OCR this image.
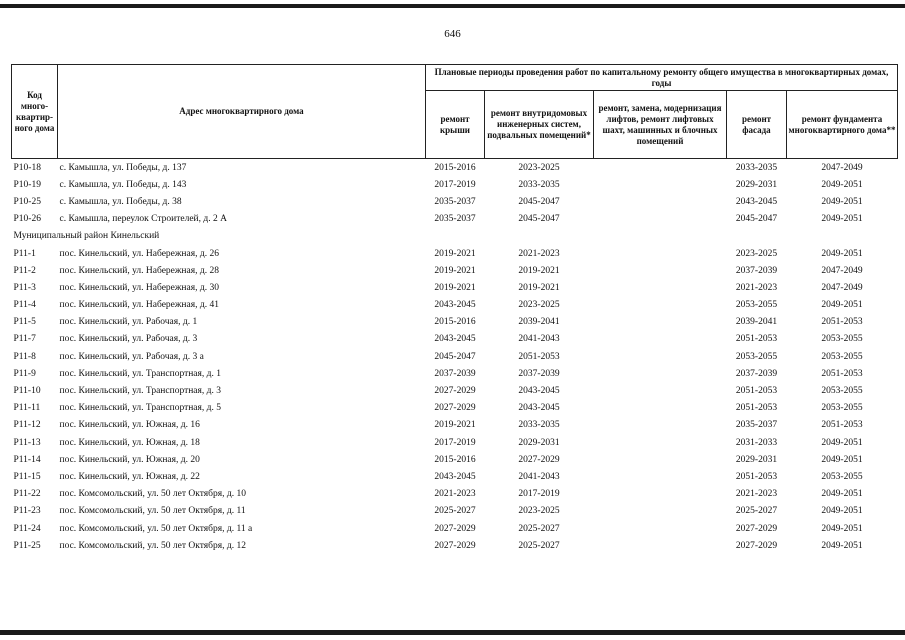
646
Код много-квартир-ного дома	Адрес многоквартирного дома	Плановые периоды проведения работ по капитальному ремонту общего имущества в многоквартирных домах, годы				
		ремонт крыши	ремонт внутридомовых инженерных систем, подвальных помещений*	ремонт, замена, модернизация лифтов, ремонт лифтовых шахт, машинных и блочных помещений	ремонт фасада	ремонт фундамента многоквартирного дома**
Р10-18	с. Камышла, ул. Победы, д. 137	2015-2016	2023-2025		2033-2035	2047-2049
Р10-19	с. Камышла, ул. Победы, д. 143	2017-2019	2033-2035		2029-2031	2049-2051
Р10-25	с. Камышла, ул. Победы, д. 38	2035-2037	2045-2047		2043-2045	2049-2051
Р10-26	с. Камышла, переулок Строителей, д. 2 А	2035-2037	2045-2047		2045-2047	2049-2051
Муниципальный район Кинельский						
Р11-1	пос. Кинельский, ул. Набережная, д. 26	2019-2021	2021-2023		2023-2025	2049-2051
Р11-2	пос. Кинельский, ул. Набережная, д. 28	2019-2021	2019-2021		2037-2039	2047-2049
Р11-3	пос. Кинельский, ул. Набережная, д. 30	2019-2021	2019-2021		2021-2023	2047-2049
Р11-4	пос. Кинельский, ул. Набережная, д. 41	2043-2045	2023-2025		2053-2055	2049-2051
Р11-5	пос. Кинельский, ул. Рабочая, д. 1	2015-2016	2039-2041		2039-2041	2051-2053
Р11-7	пос. Кинельский, ул. Рабочая, д. 3	2043-2045	2041-2043		2051-2053	2053-2055
Р11-8	пос. Кинельский, ул. Рабочая, д. 3 а	2045-2047	2051-2053		2053-2055	2053-2055
Р11-9	пос. Кинельский, ул. Транспортная, д. 1	2037-2039	2037-2039		2037-2039	2051-2053
Р11-10	пос. Кинельский, ул. Транспортная, д. 3	2027-2029	2043-2045		2051-2053	2053-2055
Р11-11	пос. Кинельский, ул. Транспортная, д. 5	2027-2029	2043-2045		2051-2053	2053-2055
Р11-12	пос. Кинельский, ул. Южная, д. 16	2019-2021	2033-2035		2035-2037	2051-2053
Р11-13	пос. Кинельский, ул. Южная, д. 18	2017-2019	2029-2031		2031-2033	2049-2051
Р11-14	пос. Кинельский, ул. Южная, д. 20	2015-2016	2027-2029		2029-2031	2049-2051
Р11-15	пос. Кинельский, ул. Южная, д. 22	2043-2045	2041-2043		2051-2053	2053-2055
Р11-22	пос. Комсомольский, ул. 50 лет Октября, д. 10	2021-2023	2017-2019		2021-2023	2049-2051
Р11-23	пос. Комсомольский, ул. 50 лет Октября, д. 11	2025-2027	2023-2025		2025-2027	2049-2051
Р11-24	пос. Комсомольский, ул. 50 лет Октября, д. 11 а	2027-2029	2025-2027		2027-2029	2049-2051
Р11-25	пос. Комсомольский, ул. 50 лет Октября, д. 12	2027-2029	2025-2027		2027-2029	2049-2051
